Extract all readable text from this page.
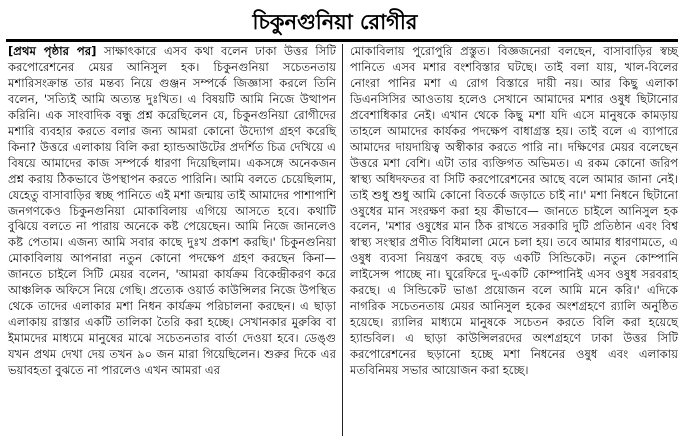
চিকুনগুনিয়া রোগীর

[প্রথম পৃষ্ঠার পর] সাক্ষাৎকারে এসব কথা বলেন ঢাকা উত্তর সিটি করপোরেশনের মেয়র আনিসুল হক। চিকুনগুনিয়া সচেতনতায় মশারিসংক্রান্ত তার মন্তব্য নিয়ে গুঞ্জন সম্পর্কে জিজ্ঞাসা করলে তিনি বলেন, 'সত্যিই আমি অত্যন্ত দুঃখিত। এ বিষয়টি আমি নিজে উত্থাপন করিনি। এক সাংবাদিক বন্ধু প্রশ্ন করেছিলেন যে, চিকুনগুনিয়া রোগীদের মশারি ব্যবহার করতে বলার জন্য আমরা কোনো উদ্যোগ গ্রহণ করেছি কিনা? উত্তরে এলাকায় বিলি করা হ্যান্ডআউটের প্রদর্শিত চিত্র দেখিয়ে এ বিষয়ে আমাদের কাজ সম্পর্কে ধারণা দিয়েছিলাম। একসঙ্গে অনেকজন প্রশ্ন করায় ঠিকভাবে উপস্থাপন করতে পারিনি। আমি বলতে চেয়েছিলাম, যেহেতু বাসাবাড়ির স্বচ্ছ পানিতে এই মশা জন্মায় তাই আমাদের পাশাপাশি জনগণকেও চিকুনগুনিয়া মোকাবিলায় এগিয়ে আসতে হবে। কথাটি বুঝিয়ে বলতে না পারায় অনেকে কষ্ট পেয়েছেন। আমি নিজে জানলেও কষ্ট পেতাম। এজন্য আমি সবার কাছে দুঃখ প্রকাশ করছি।' চিকুনগুনিয়া মোকাবিলায় আপনারা নতুন কোনো পদক্ষেপ গ্রহণ করছেন কিনা— জানতে চাইলে সিটি মেয়র বলেন, 'আমরা কার্যক্রম বিকেন্দ্রীকরণ করে আঞ্চলিক অফিসে নিয়ে গেছি। প্রত্যেক ওয়ার্ড কাউন্সিলর নিজে উপস্থিত থেকে তাদের এলাকার মশা নিধন কার্যক্রম পরিচালনা করছেন। এ ছাড়া এলাকায় রাস্তার একটি তালিকা তৈরি করা হচ্ছে। সেখানকার মুরুব্বি বা ইমামদের মাধ্যমে মানুষের মাঝে সচেতনতার বার্তা দেওয়া হবে। ডেঙ্গু যখন প্রথম দেখা দেয় তখন ৯০ জন মারা গিয়েছিলেন। শুরুর দিকে এর ভয়াবহতা বুঝতে না পারলেও এখন আমরা এর

মোকাবিলায় পুরোপুরি প্রস্তুত। বিজ্ঞজনেরা বলছেন, বাসাবাড়ির স্বচ্ছ পানিতে এসব মশার বংশবিস্তার ঘটছে। তাই বলা যায়, খাল-বিলের নোংরা পানির মশা এ রোগ বিস্তারে দায়ী নয়। আর কিছু এলাকা ডিএনসিসির আওতায় হলেও সেখানে আমাদের মশার ওষুধ ছিটানোর প্রবেশাধিকার নেই। এখান থেকে কিছু মশা যদি এসে মানুষকে কামড়ায় তাহলে আমাদের কার্যকর পদক্ষেপ বাধাগ্রস্ত হয়। তাই বলে এ ব্যাপারে আমাদের দায়দায়িত্ব অস্বীকার করতে পারি না। দক্ষিণের মেয়র বলেছেন উত্তরে মশা বেশি। এটা তার ব্যক্তিগত অভিমত। এ রকম কোনো জরিপ স্বাস্থ্য অধিদফতর বা সিটি করপোরেশনের আছে বলে আমার জানা নেই। তাই শুধু শুধু আমি কোনো বিতর্কে জড়াতে চাই না।' মশা নিধনে ছিটানো ওষুধের মান সংরক্ষণ করা হয় কীভাবে— জানতে চাইলে আনিসুল হক বলেন, 'মশার ওষুধের মান ঠিক রাখতে সরকারি দুটি প্রতিষ্ঠান এবং বিশ্ব স্বাস্থ্য সংস্থার প্রণীত বিধিমালা মেনে চলা হয়। তবে আমার ধারণামতে, এ ওষুধ ব্যবসা নিয়ন্ত্রণ করছে বড় একটি সিন্ডিকেট। নতুন কোম্পানি লাইসেন্স পাচ্ছে না। ঘুরেফিরে দু-একটি কোম্পানিই এসব ওষুধ সরবরাহ করছে। এ সিন্ডিকেট ভাঙা প্রয়োজন বলে আমি মনে করি।' এদিকে নাগরিক সচেতনতায় মেয়র আনিসুল হকের অংশগ্রহণে র‍্যালি অনুষ্ঠিত হয়েছে। র‍্যালির মাধ্যমে মানুষকে সচেতন করতে বিলি করা হয়েছে হ্যান্ডবিল। এ ছাড়া কাউন্সিলরদের অংশগ্রহণে ঢাকা উত্তর সিটি করপোরেশনের ছড়ানো হচ্ছে মশা নিধনের ওষুধ এবং এলাকায় মতবিনিময় সভার আয়োজন করা হচ্ছে।
